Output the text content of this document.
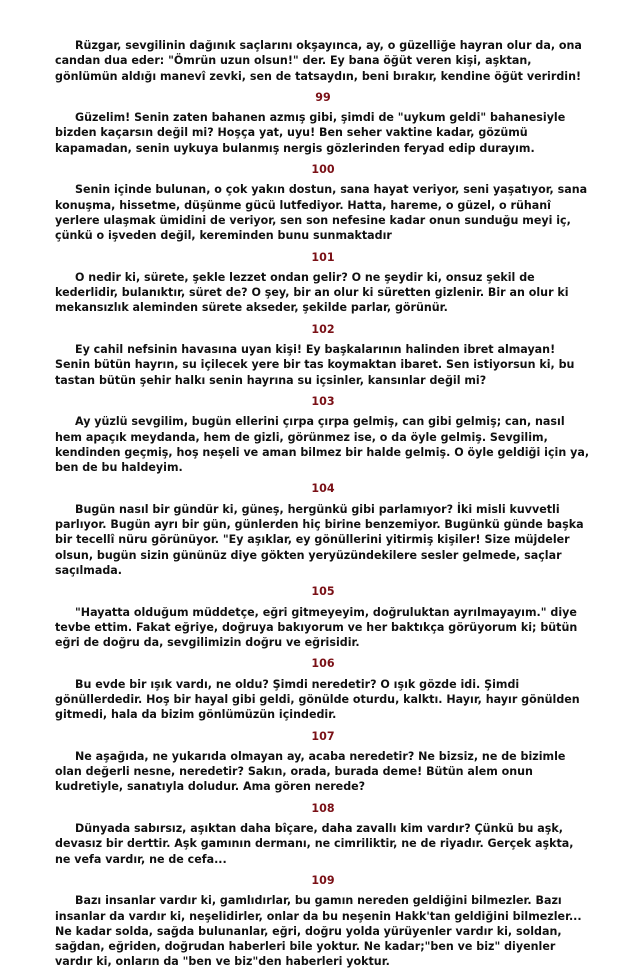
Rüzgar, sevgilinin dağınık saçlarını okşayınca, ay, o güzelliğe hayran olur da, ona candan dua eder: "Ömrün uzun olsun!" der. Ey bana öğüt veren kişi, aşktan, gönlümün aldığı manevî zevki, sen de tatsaydın, beni bırakır, kendine öğüt verirdin!

99

Güzelim! Senin zaten bahanen azmış gibi, şimdi de "uykum geldi" bahanesiyle bizden kaçarsın değil mi? Hoşça yat, uyu! Ben seher vaktine kadar, gözümü kapamadan, senin uykuya bulanmış nergis gözlerinden feryad edip durayım.

100

Senin içinde bulunan, o çok yakın dostun, sana hayat veriyor, seni yaşatıyor, sana konuşma, hissetme, düşünme gücü lutfediyor. Hatta, hareme, o güzel, o rühanî yerlere ulaşmak ümidini de veriyor, sen son nefesine kadar onun sunduğu meyi iç, çünkü o işveden değil, kereminden bunu sunmaktadır

101

O nedir ki, sürete, şekle lezzet ondan gelir? O ne şeydir ki, onsuz şekil de kederlidir, bulanıktır, süret de? O şey, bir an olur ki süretten gizlenir. Bir an olur ki mekansızlık aleminden sürete akseder, şekilde parlar, görünür.

102

Ey cahil nefsinin havasına uyan kişi! Ey başkalarının halinden ibret almayan! Senin bütün hayrın, su içilecek yere bir tas koymaktan ibaret. Sen istiyorsun ki, bu tastan bütün şehir halkı senin hayrına su içsinler, kansınlar değil mi?

103

Ay yüzlü sevgilim, bugün ellerini çırpa çırpa gelmiş, can gibi gelmiş; can, nasıl hem apaçık meydanda, hem de gizli, görünmez ise, o da öyle gelmiş. Sevgilim, kendinden geçmiş, hoş neşeli ve aman bilmez bir halde gelmiş. O öyle geldiği için ya, ben de bu haldeyim.

104

Bugün nasıl bir gündür ki, güneş, hergünkü gibi parlamıyor? İki misli kuvvetli parlıyor. Bugün ayrı bir gün, günlerden hiç birine benzemiyor. Bugünkü günde başka bir tecellî nüru görünüyor. "Ey aşıklar, ey gönüllerini yitirmiş kişiler! Size müjdeler olsun, bugün sizin gününüz diye gökten yeryüzündekilere sesler gelmede, saçlar saçılmada.

105

"Hayatta olduğum müddetçe, eğri gitmeyeyim, doğruluktan ayrılmayayım." diye tevbe ettim. Fakat eğriye, doğruya bakıyorum ve her baktıkça görüyorum ki; bütün eğri de doğru da, sevgilimizin doğru ve eğrisidir.

106

Bu evde bir ışık vardı, ne oldu? Şimdi neredetir? O ışık gözde idi. Şimdi gönüllerdedir. Hoş bir hayal gibi geldi, gönülde oturdu, kalktı. Hayır, hayır gönülden gitmedi, hala da bizim gönlümüzün içindedir.

107

Ne aşağıda, ne yukarıda olmayan ay, acaba neredetir? Ne bizsiz, ne de bizimle olan değerli nesne, neredetir? Sakın, orada, burada deme! Bütün alem onun kudretiyle, sanatıyla doludur. Ama gören nerede?

108

Dünyada sabırsız, aşıktan daha bîçare, daha zavallı kim vardır? Çünkü bu aşk, devasız bir derttir. Aşk gamının dermanı, ne cimriliktir, ne de riyadır. Gerçek aşkta, ne vefa vardır, ne de cefa...

109

Bazı insanlar vardır ki, gamlıdırlar, bu gamın nereden geldiğini bilmezler. Bazı insanlar da vardır ki, neşelidirler, onlar da bu neşenin Hakk'tan geldiğini bilmezler... Ne kadar solda, sağda bulunanlar, eğri, doğru yolda yürüyenler vardır ki, soldan, sağdan, eğriden, doğrudan haberleri bile yoktur. Ne kadar;"ben ve biz" diyenler vardır ki, onların da "ben ve biz"den haberleri yoktur.
